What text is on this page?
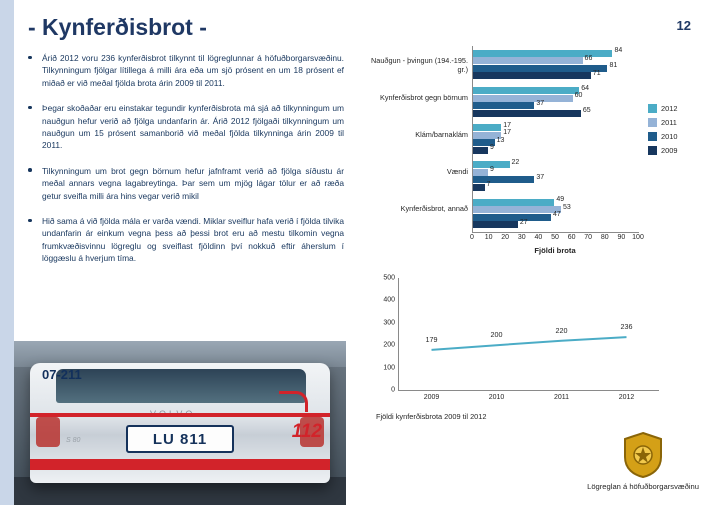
- Kynferðisbrot -	12
Árið 2012 voru 236 kynferðisbrot tilkynnt til lögreglunnar á höfuðborgarsvæðinu. Tilkynningum fjölgar lítillega á milli ára eða um sjö prósent en um 18 prósent ef miðað er við meðal fjölda brota árin 2009 til 2011.
Þegar skoðaðar eru einstakar tegundir kynferðisbrota má sjá að tilkynningum um nauðgun hefur verið að fjölga undanfarin ár. Árið 2012 fjölgaði tilkynningum um nauðgun um 15 prósent samanborið við meðal fjölda tilkynninga árin 2009 til 2011.
Tilkynningum um brot gegn börnum hefur jafnframt verið að fjölga síðustu ár meðal annars vegna lagabreytinga. Þar sem um mjög lágar tölur er að ræða getur sveifla milli ára hins vegar verið mikil
Hið sama á við fjölda mála er varða vændi. Miklar sveiflur hafa verið í fjölda tilvika undanfarin ár einkum vegna þess að þessi brot eru að mestu tilkomin vegna frumkvæðisvinnu lögreglu og sveiflast fjöldinn því nokkuð eftir áherslum í löggæslu á hverjum tíma.
07-211
S 80	LU 811	112
Nauðgun - þvingun (194.-195. gr.)
84
66
81
71
Kynferðisbrot gegn börnum
64
60
37
65
Klám/barnaklám
17
17
13
9
Vændi
22
9
37
7
Kynferðisbrot, annað
49
53
47
27
0 10 20 30 40 50 60 70 80 90 100
Fjöldi brota
2012
2011
2010
2009
0
100
200
300
400
500
2009	2010	2011	2012
179
200	220	236
Fjöldi kynferðisbrota 2009 til 2012
Lögreglan á höfuðborgarsvæðinu
